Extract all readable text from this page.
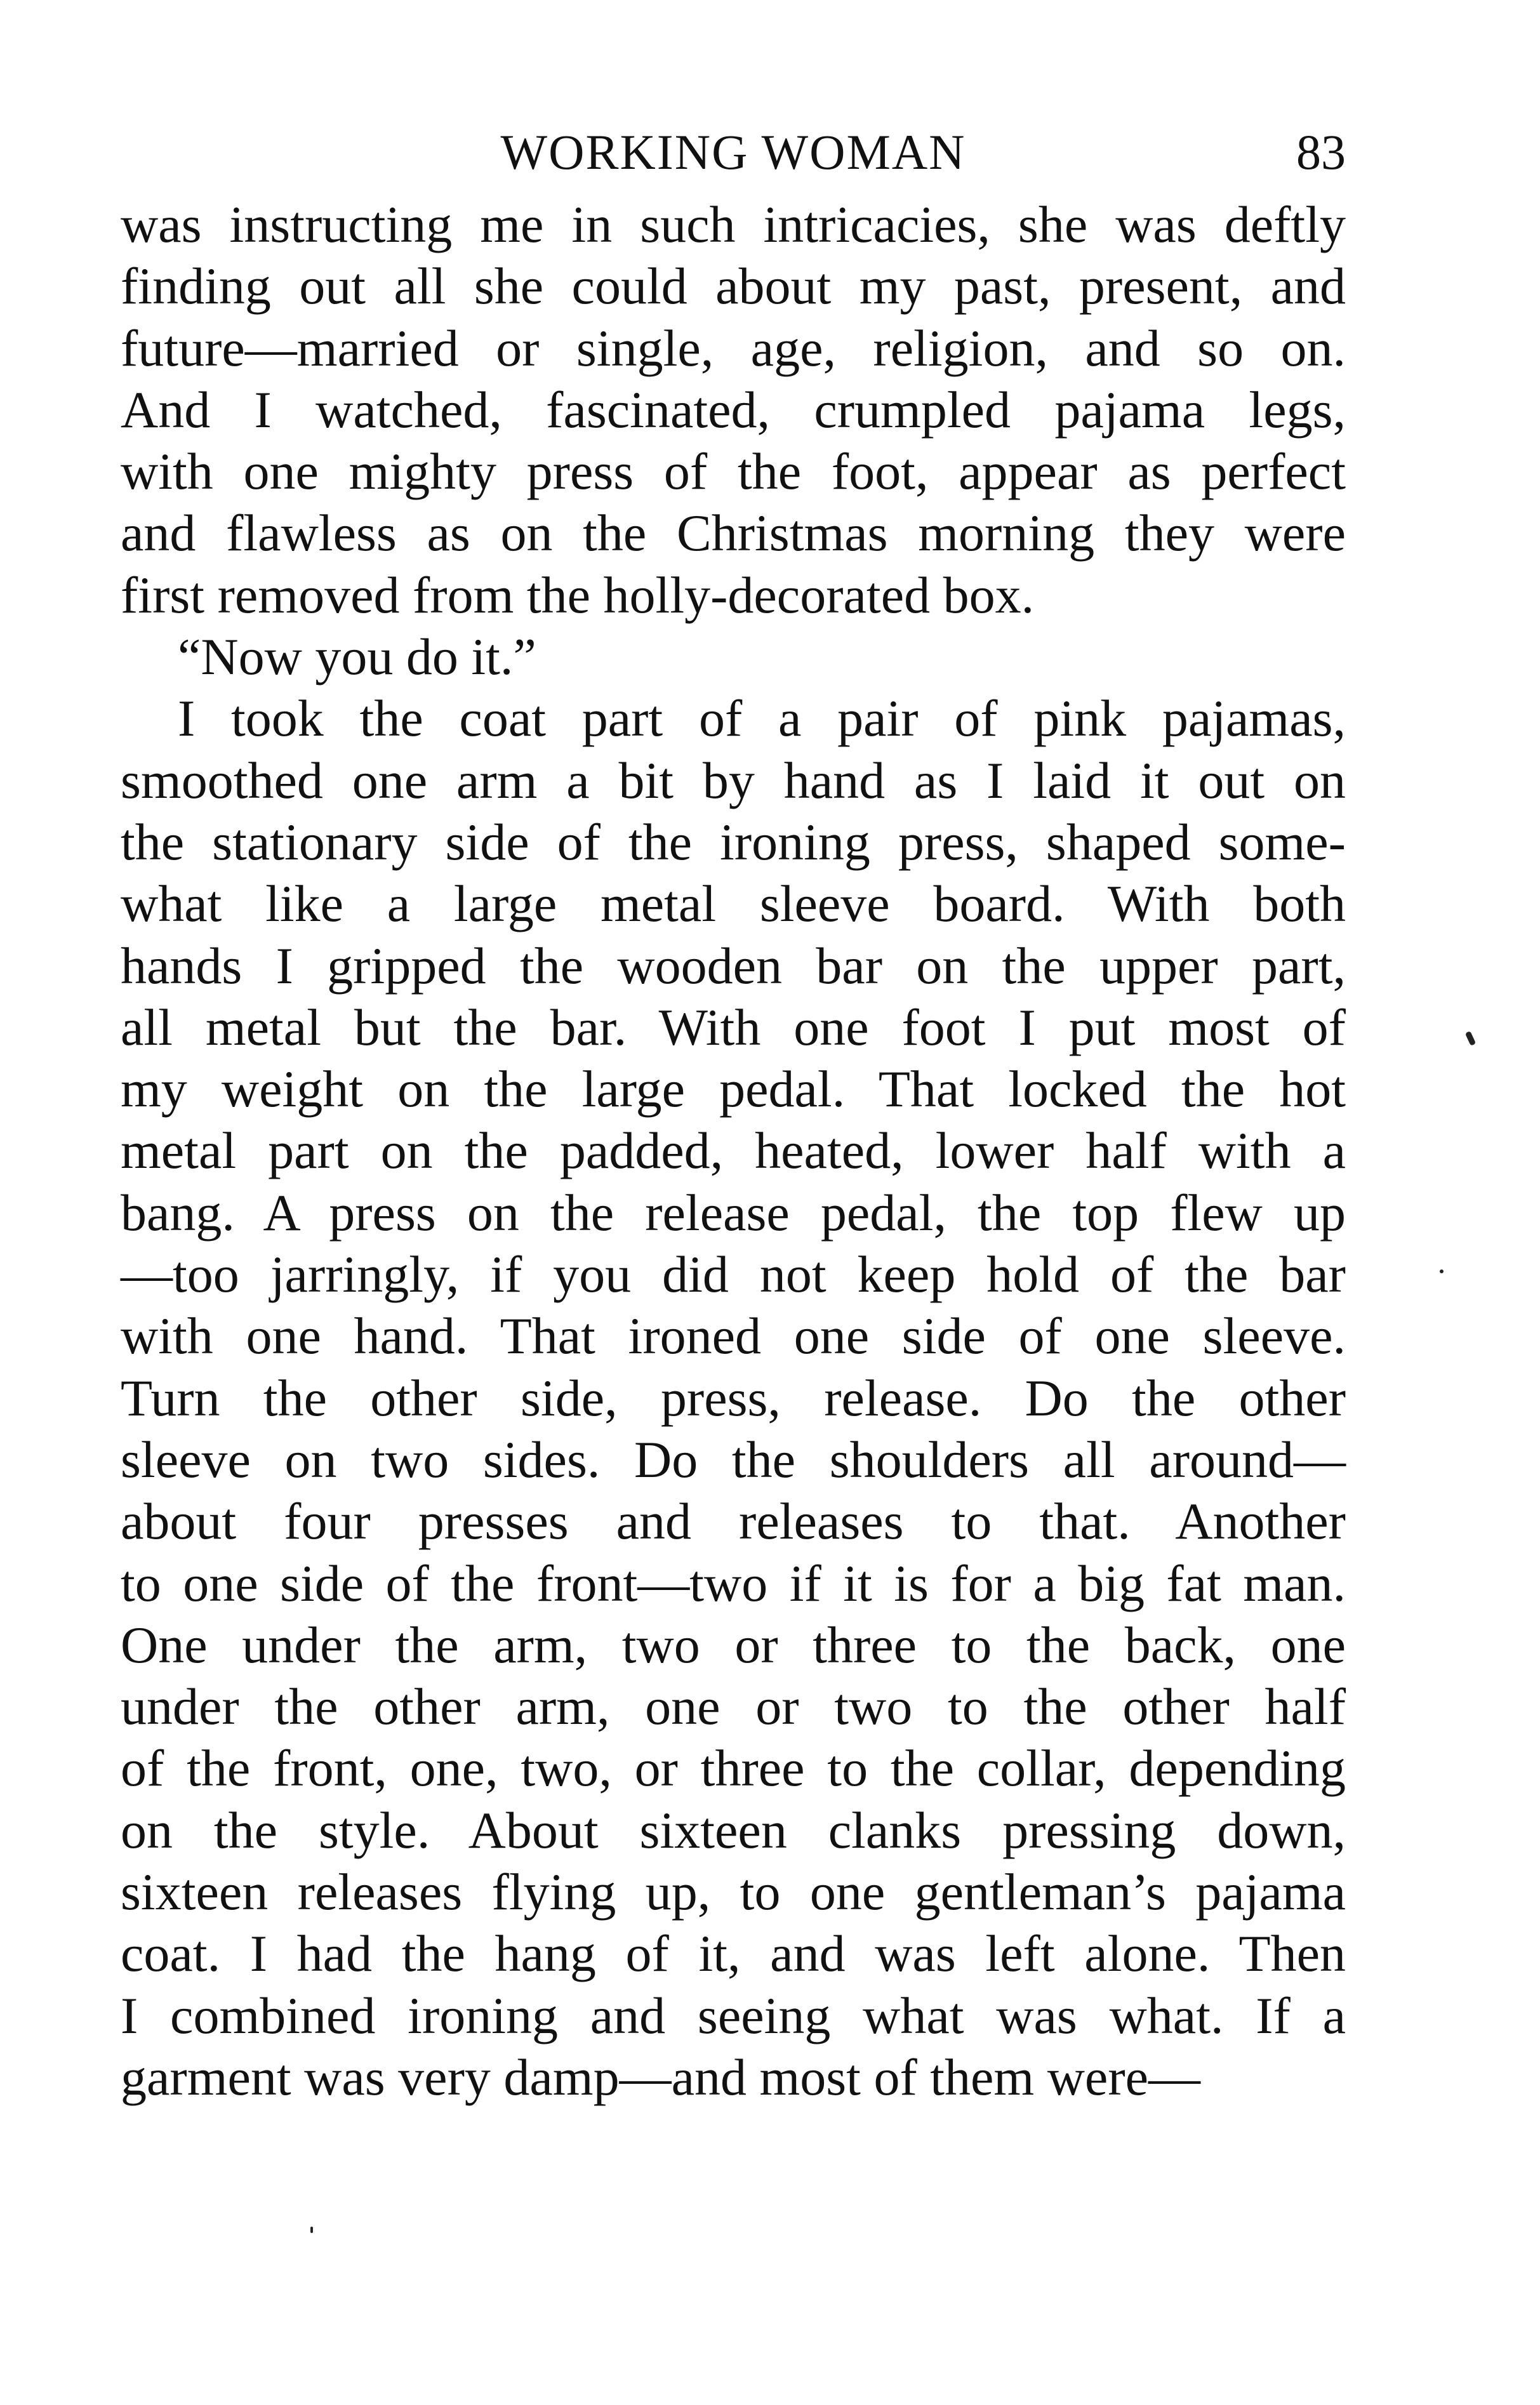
WORKING WOMAN	83
was instructing me in such intricacies, she was deftly
finding out all she could about my past, present, and
future—married or single, age, religion, and so on.
And I watched, fascinated, crumpled pajama legs,
with one mighty press of the foot, appear as perfect
and flawless as on the Christmas morning they were
first removed from the holly-decorated box.
“Now you do it.”
I took the coat part of a pair of pink pajamas,
smoothed one arm a bit by hand as I laid it out on
the stationary side of the ironing press, shaped some-
what like a large metal sleeve board. With both
hands I gripped the wooden bar on the upper part,
all metal but the bar. With one foot I put most of
my weight on the large pedal. That locked the hot
metal part on the padded, heated, lower half with a
bang. A press on the release pedal, the top flew up
—too jarringly, if you did not keep hold of the bar
with one hand. That ironed one side of one sleeve.
Turn the other side, press, release. Do the other
sleeve on two sides. Do the shoulders all around—
about four presses and releases to that. Another
to one side of the front—two if it is for a big fat man.
One under the arm, two or three to the back, one
under the other arm, one or two to the other half
of the front, one, two, or three to the collar, depending
on the style. About sixteen clanks pressing down,
sixteen releases flying up, to one gentleman’s pajama
coat. I had the hang of it, and was left alone. Then
I combined ironing and seeing what was what. If a
garment was very damp—and most of them were—
